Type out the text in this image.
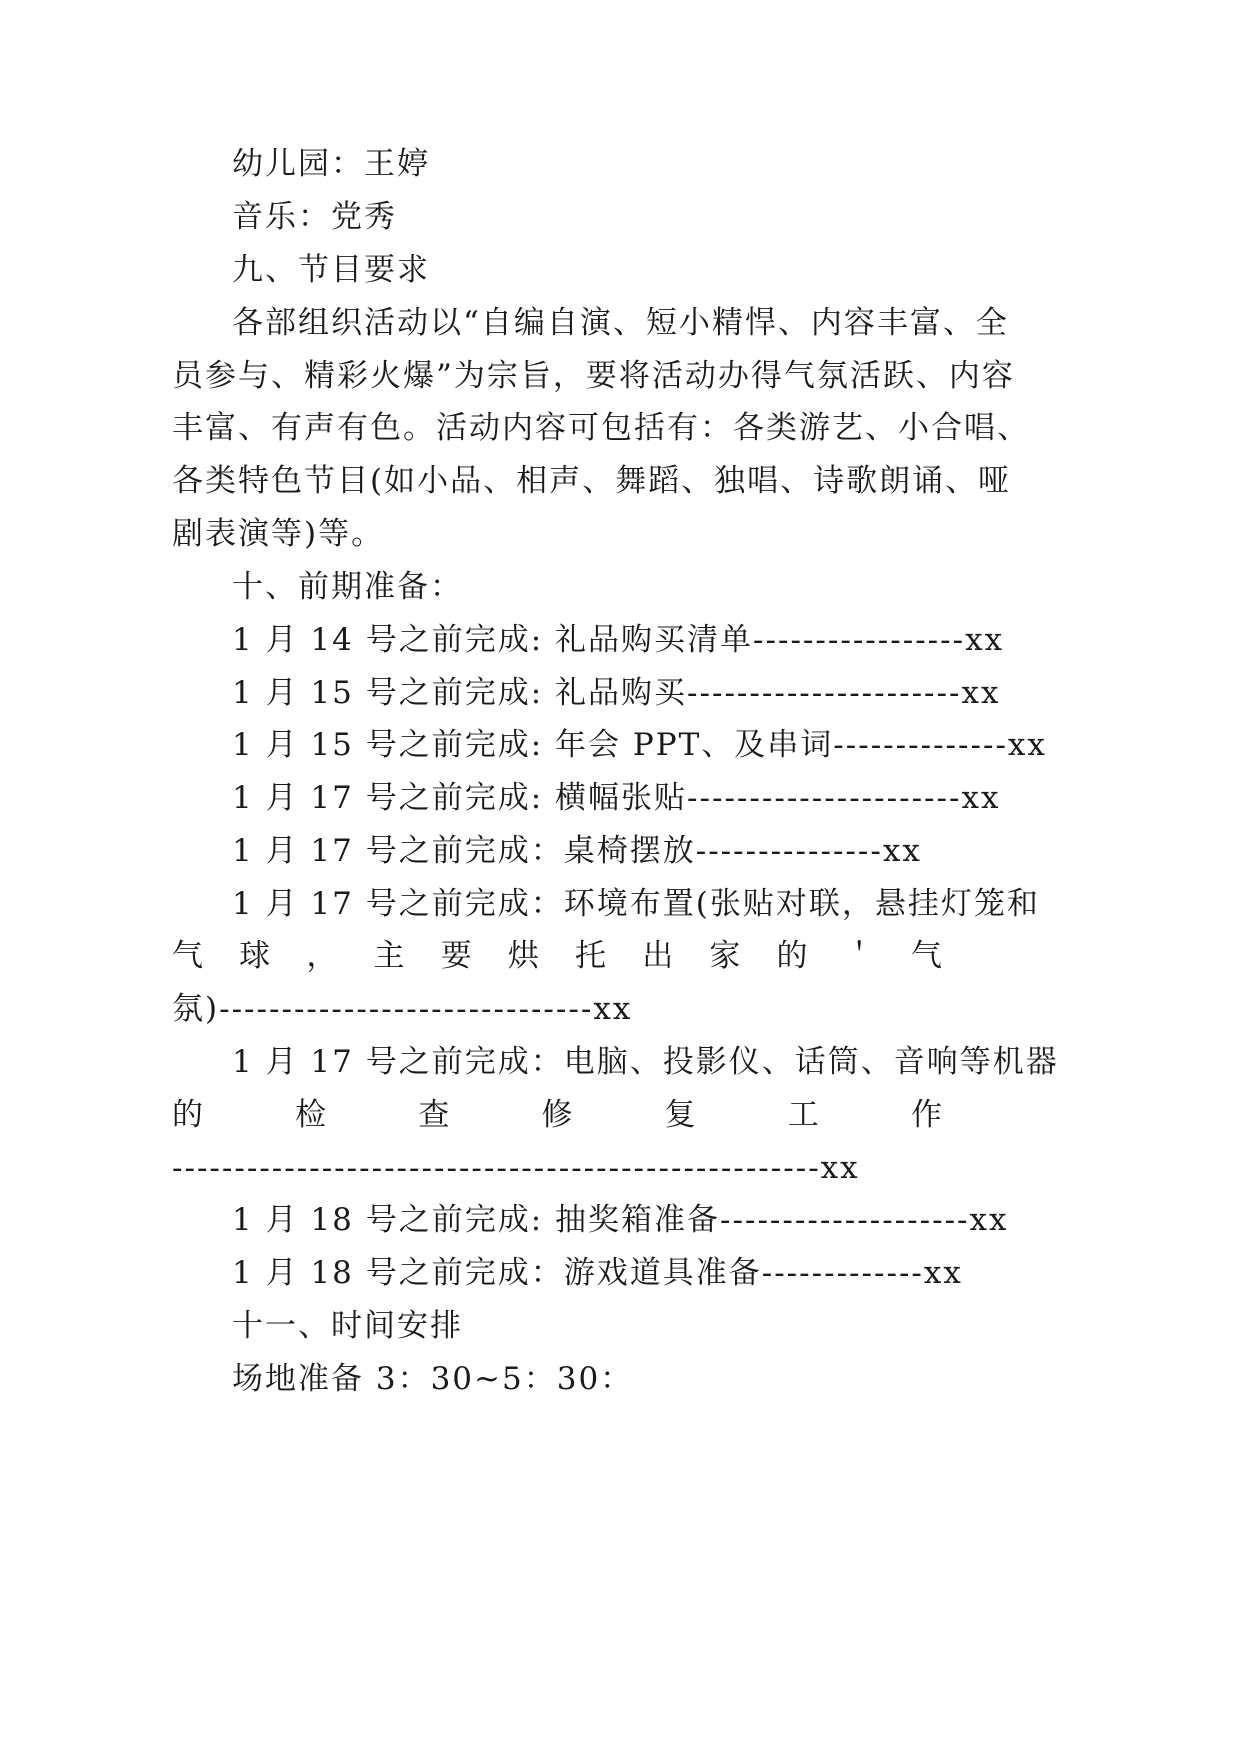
幼儿园：王婷
音乐：党秀
九、节目要求
各部组织活动以“自编自演、短小精悍、内容丰富、全
员参与、精彩火爆”为宗旨，要将活动办得气氛活跃、内容
丰富、有声有色。活动内容可包括有：各类游艺、小合唱、
各类特色节目(如小品、相声、舞蹈、独唱、诗歌朗诵、哑
剧表演等)等。
十、前期准备：
1 月 14 号之前完成: 礼品购买清单-----------------xx
1 月 15 号之前完成: 礼品购买----------------------xx
1 月 15 号之前完成: 年会 PPT、及串词--------------xx
1 月 17 号之前完成: 横幅张贴----------------------xx
1 月 17 号之前完成：桌椅摆放---------------xx
1 月 17 号之前完成：环境布置(张贴对联，悬挂灯笼和
气 球 ， 主 要 烘 托 出 家 的 ＇ 气
氛)------------------------------xx
1 月 17 号之前完成：电脑、投影仪、话筒、音响等机器
的	检	查	修	复	工	作
----------------------------------------------------xx
1 月 18 号之前完成: 抽奖箱准备--------------------xx
1 月 18 号之前完成：游戏道具准备-------------xx
十一、时间安排
场地准备 3：30~5：30：
